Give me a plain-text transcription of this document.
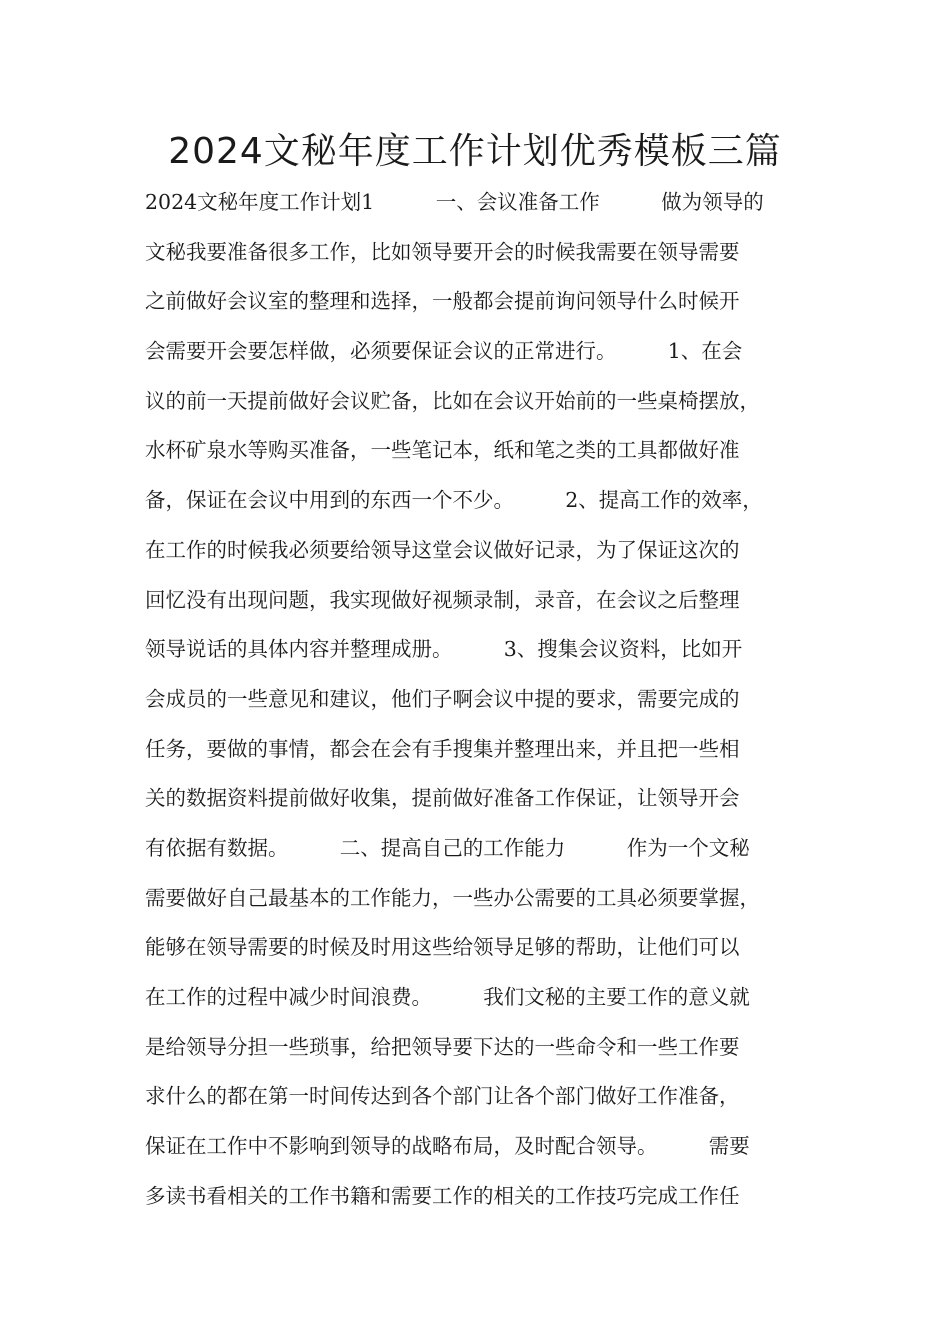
2024文秘年度工作计划优秀模板三篇
2024文秘年度工作计划1　　　一、会议准备工作　　　做为领导的
文秘我要准备很多工作，比如领导要开会的时候我需要在领导需要
之前做好会议室的整理和选择，一般都会提前询问领导什么时候开
会需要开会要怎样做，必须要保证会议的正常进行。　　　1、在会
议的前一天提前做好会议贮备，比如在会议开始前的一些桌椅摆放，
水杯矿泉水等购买准备，一些笔记本，纸和笔之类的工具都做好准
备，保证在会议中用到的东西一个不少。　　　2、提高工作的效率，
在工作的时候我必须要给领导这堂会议做好记录，为了保证这次的
回忆没有出现问题，我实现做好视频录制，录音，在会议之后整理
领导说话的具体内容并整理成册。　　　3、搜集会议资料，比如开
会成员的一些意见和建议，他们子啊会议中提的要求，需要完成的
任务，要做的事情，都会在会有手搜集并整理出来，并且把一些相
关的数据资料提前做好收集，提前做好准备工作保证，让领导开会
有依据有数据。　　　二、提高自己的工作能力　　　作为一个文秘
需要做好自己最基本的工作能力，一些办公需要的工具必须要掌握，
能够在领导需要的时候及时用这些给领导足够的帮助，让他们可以
在工作的过程中减少时间浪费。　　　我们文秘的主要工作的意义就
是给领导分担一些琐事，给把领导要下达的一些命令和一些工作要
求什么的都在第一时间传达到各个部门让各个部门做好工作准备，
保证在工作中不影响到领导的战略布局，及时配合领导。　　　需要
多读书看相关的工作书籍和需要工作的相关的工作技巧完成工作任
